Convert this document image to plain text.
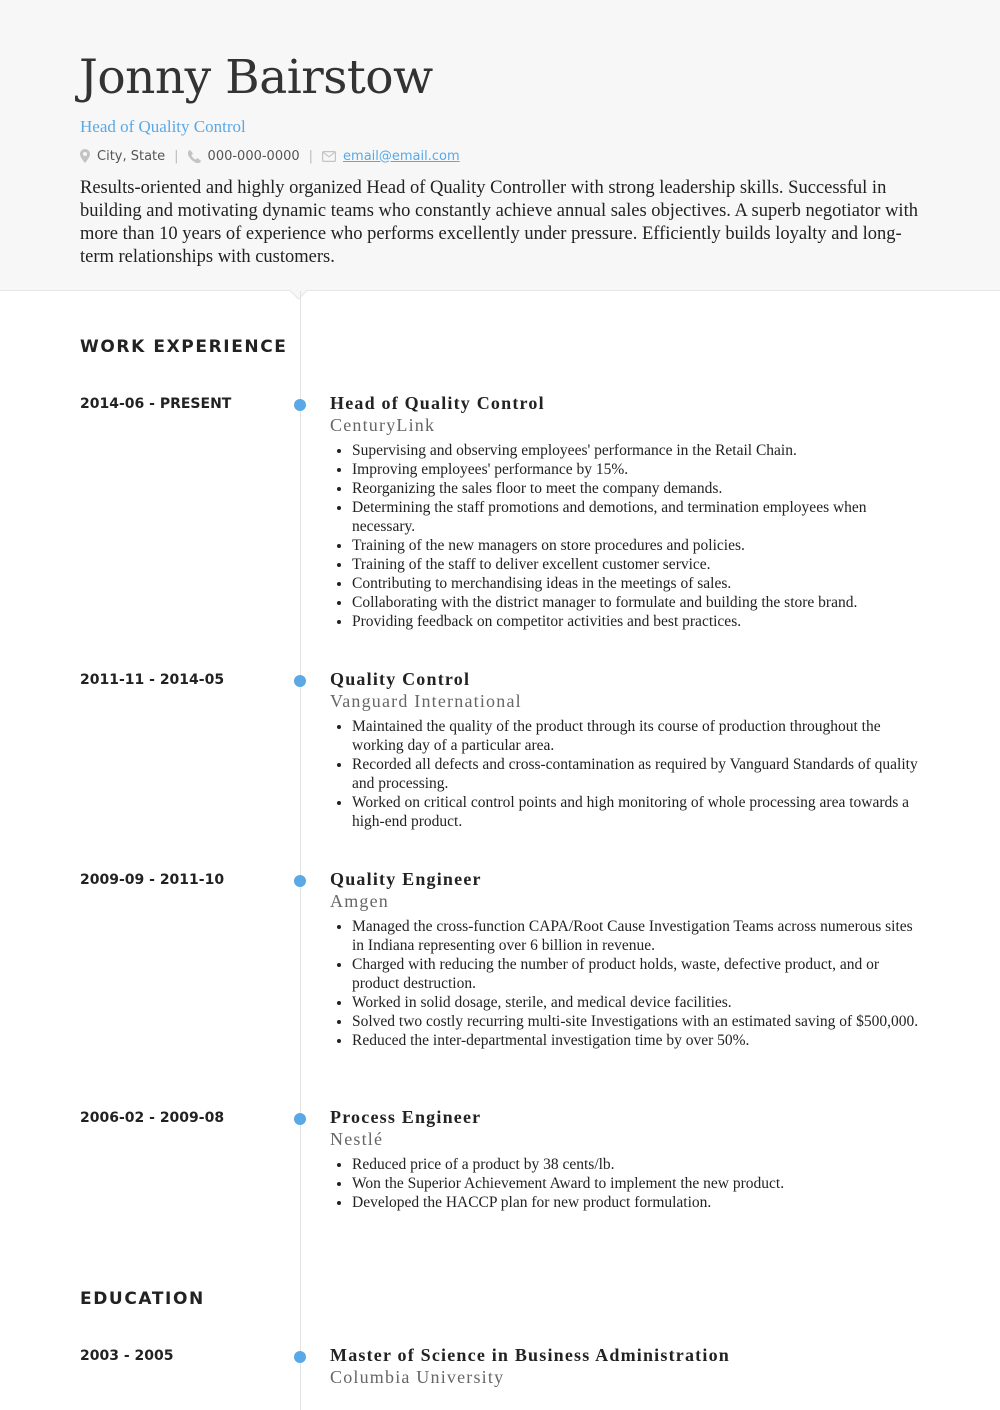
Jonny Bairstow
Head of Quality Control
City, State | 000-000-0000 | email@email.com

Results-oriented and highly organized Head of Quality Controller with strong leadership skills. Successful in building and motivating dynamic teams who constantly achieve annual sales objectives. A superb negotiator with more than 10 years of experience who performs excellently under pressure. Efficiently builds loyalty and long-term relationships with customers.

WORK EXPERIENCE
2014-06 - PRESENT	Head of Quality Control
CenturyLink
• Supervising and observing employees' performance in the Retail Chain.
• Improving employees' performance by 15%.
• Reorganizing the sales floor to meet the company demands.
• Determining the staff promotions and demotions, and termination employees when necessary.
• Training of the new managers on store procedures and policies.
• Training of the staff to deliver excellent customer service.
• Contributing to merchandising ideas in the meetings of sales.
• Collaborating with the district manager to formulate and building the store brand.
• Providing feedback on competitor activities and best practices.
2011-11 - 2014-05	Quality Control
Vanguard International
• Maintained the quality of the product through its course of production throughout the working day of a particular area.
• Recorded all defects and cross-contamination as required by Vanguard Standards of quality and processing.
• Worked on critical control points and high monitoring of whole processing area towards a high-end product.
2009-09 - 2011-10	Quality Engineer
Amgen
• Managed the cross-function CAPA/Root Cause Investigation Teams across numerous sites in Indiana representing over 6 billion in revenue.
• Charged with reducing the number of product holds, waste, defective product, and or product destruction.
• Worked in solid dosage, sterile, and medical device facilities.
• Solved two costly recurring multi-site Investigations with an estimated saving of $500,000.
• Reduced the inter-departmental investigation time by over 50%.
2006-02 - 2009-08	Process Engineer
Nestlé
• Reduced price of a product by 38 cents/lb.
• Won the Superior Achievement Award to implement the new product.
• Developed the HACCP plan for new product formulation.
EDUCATION
2003 - 2005	Master of Science in Business Administration
Columbia University
